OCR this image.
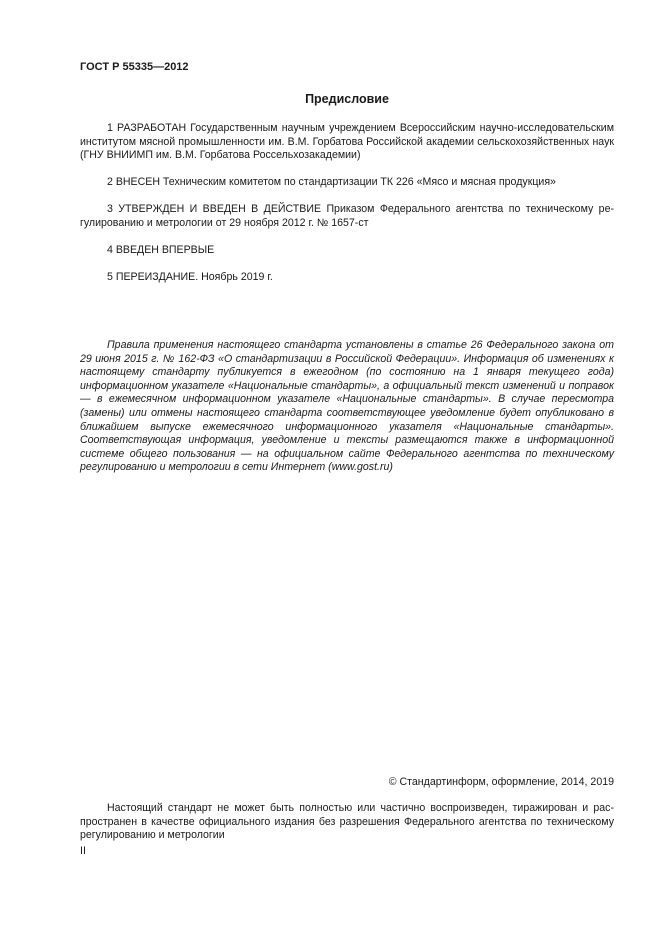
ГОСТ Р 55335—2012
Предисловие
1 РАЗРАБОТАН Государственным научным учреждением Всероссийским научно-исследовательским институтом мясной промышленности им. В.М. Горбатова Российской академии сельскохозяйственных наук (ГНУ ВНИИМП им. В.М. Горбатова Россельхозакадемии)
2 ВНЕСЕН Техническим комитетом по стандартизации ТК 226 «Мясо и мясная продукция»
3 УТВЕРЖДЕН И ВВЕДЕН В ДЕЙСТВИЕ Приказом Федерального агентства по техническому регулированию и метрологии от 29 ноября 2012 г. № 1657-ст
4 ВВЕДЕН ВПЕРВЫЕ
5 ПЕРЕИЗДАНИЕ. Ноябрь 2019 г.
Правила применения настоящего стандарта установлены в статье 26 Федерального закона от 29 июня 2015 г. № 162-ФЗ «О стандартизации в Российской Федерации». Информация об изменениях к настоящему стандарту публикуется в ежегодном (по состоянию на 1 января текущего года) информационном указателе «Национальные стандарты», а официальный текст изменений и поправок — в ежемесячном информационном указателе «Национальные стандарты». В случае пересмотра (замены) или отмены настоящего стандарта соответствующее уведомление будет опубликовано в ближайшем выпуске ежемесячного информационного указателя «Национальные стандарты». Соответствующая информация, уведомление и тексты размещаются также в информационной системе общего пользования — на официальном сайте Федерального агентства по техническому регулированию и метрологии в сети Интернет (www.gost.ru)
© Стандартинформ, оформление, 2014, 2019
Настоящий стандарт не может быть полностью или частично воспроизведен, тиражирован и распространен в качестве официального издания без разрешения Федерального агентства по техническому регулированию и метрологии
II
